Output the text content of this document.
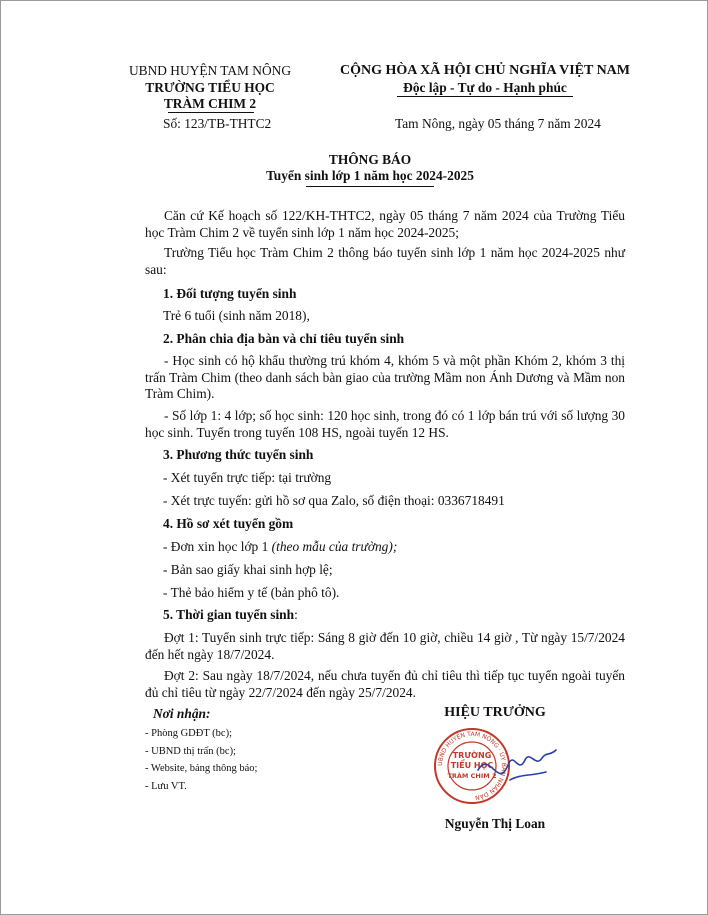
UBND HUYỆN TAM NÔNG
TRƯỜNG TIỂU HỌC
TRÀM CHIM 2
Số: 123/TB-THTC2
CỘNG HÒA XÃ HỘI CHỦ NGHĨA VIỆT NAM
Độc lập - Tự do - Hạnh phúc
Tam Nông, ngày 05 tháng 7 năm 2024
THÔNG BÁO
Tuyển sinh lớp 1 năm học 2024-2025
Căn cứ Kế hoạch số 122/KH-THTC2, ngày 05 tháng 7 năm 2024 của Trường Tiểu học Tràm Chim 2 về tuyển sinh lớp 1 năm học 2024-2025;
Trường Tiểu học Tràm Chim 2 thông báo tuyển sinh lớp 1 năm học 2024-2025 như sau:
1. Đối tượng tuyển sinh
Trẻ 6 tuổi (sinh năm 2018),
2. Phân chia địa bàn và chỉ tiêu tuyển sinh
- Học sinh có hộ khẩu thường trú khóm 4, khóm 5 và một phần Khóm 2, khóm 3 thị trấn Tràm Chim (theo danh sách bàn giao của trường Mầm non Ánh Dương và Mầm non Tràm Chim).
- Số lớp 1: 4 lớp; số học sinh: 120 học sinh, trong đó có 1 lớp bán trú với số lượng 30 học sinh. Tuyển trong tuyến 108 HS, ngoài tuyến 12 HS.
3. Phương thức tuyển sinh
- Xét tuyển trực tiếp: tại trường
- Xét trực tuyến: gửi hồ sơ qua Zalo, số điện thoại: 0336718491
4. Hồ sơ xét tuyển gồm
- Đơn xin học lớp 1 (theo mẫu của trường);
- Bản sao giấy khai sinh hợp lệ;
- Thẻ bảo hiểm y tế (bản phô tô).
5. Thời gian tuyển sinh:
Đợt 1: Tuyển sinh trực tiếp: Sáng 8 giờ đến 10 giờ, chiều 14 giờ , Từ ngày 15/7/2024 đến hết ngày 18/7/2024.
Đợt 2: Sau ngày 18/7/2024, nếu chưa tuyển đủ chỉ tiêu thì tiếp tục tuyển ngoài tuyến đủ chỉ tiêu từ ngày 22/7/2024 đến ngày 25/7/2024.
Nơi nhận:
- Phòng GDĐT (bc);
- UBND thị trấn (bc);
- Website, bảng thông báo;
- Lưu VT.
HIỆU TRƯỞNG
UBND HUYỆN TAM NÔNG · ỦY BAN NHÂN DÂN
TRƯỜNG
TIỂU HỌC
TRÀM CHIM 2
Nguyễn Thị Loan
